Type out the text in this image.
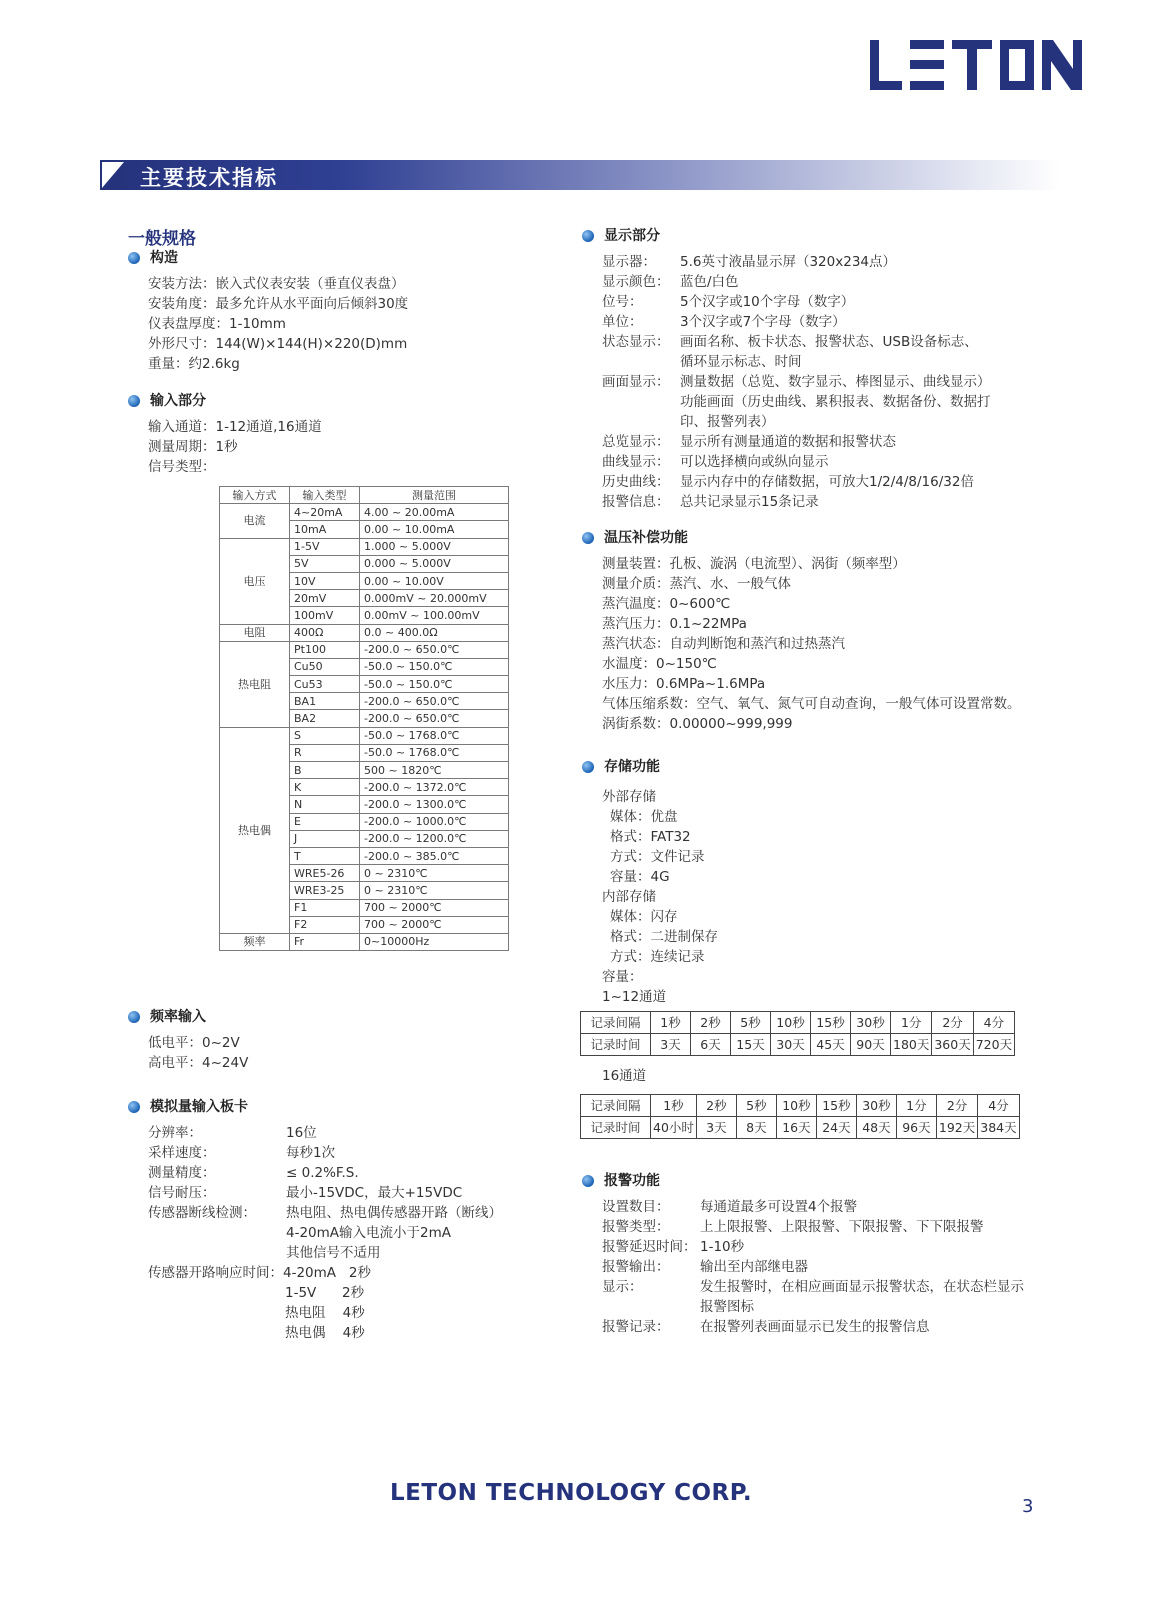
主要技术指标
一般规格
构造
安装方法：嵌入式仪表安装（垂直仪表盘）
安装角度：最多允许从水平面向后倾斜30度
仪表盘厚度：1-10mm
外形尺寸：144(W)×144(H)×220(D)mm
重量：约2.6kg
输入部分
输入通道：1-12通道,16通道
测量周期：1秒
信号类型：
输入方式	输入类型	测量范围
电流	4~20mA	4.00 ~ 20.00mA
	10mA	0.00 ~ 10.00mA
电压	1-5V	1.000 ~ 5.000V
	5V	0.000 ~ 5.000V
	10V	0.00 ~ 10.00V
	20mV	0.000mV ~ 20.000mV
	100mV	0.00mV ~ 100.00mV
电阻	400Ω	0.0 ~ 400.0Ω
热电阻	Pt100	-200.0 ~ 650.0℃
	Cu50	-50.0 ~ 150.0℃
	Cu53	-50.0 ~ 150.0℃
	BA1	-200.0 ~ 650.0℃
	BA2	-200.0 ~ 650.0℃
热电偶	S	-50.0 ~ 1768.0℃
	R	-50.0 ~ 1768.0℃
	B	500 ~ 1820℃
	K	-200.0 ~ 1372.0℃
	N	-200.0 ~ 1300.0℃
	E	-200.0 ~ 1000.0℃
	J	-200.0 ~ 1200.0℃
	T	-200.0 ~ 385.0℃
	WRE5-26	0 ~ 2310℃
	WRE3-25	0 ~ 2310℃
	F1	700 ~ 2000℃
	F2	700 ~ 2000℃
频率	Fr	0~10000Hz
频率输入
低电平：0~2V
高电平：4~24V
模拟量输入板卡
分辨率：	16位
采样速度：	每秒1次
测量精度：	≤ 0.2%F.S.
信号耐压：	最小-15VDC，最大+15VDC
传感器断线检测：	热电阻、热电偶传感器开路（断线）
4-20mA输入电流小于2mA
其他信号不适用
传感器开路响应时间： 4-20mA   2秒
1-5V      2秒
热电阻    4秒
热电偶    4秒
显示部分
显示器：	5.6英寸液晶显示屏（320x234点）
显示颜色： 蓝色/白色
位号：	5个汉字或10个字母（数字）
单位：	3个汉字或7个字母（数字）
状态显示： 画面名称、板卡状态、报警状态、USB设备标志、
循环显示标志、时间
画面显示： 测量数据（总览、数字显示、棒图显示、曲线显示）
功能画面（历史曲线、累积报表、数据备份、数据打
印、报警列表）
总览显示： 显示所有测量通道的数据和报警状态
曲线显示： 可以选择横向或纵向显示
历史曲线： 显示内存中的存储数据，可放大1/2/4/8/16/32倍
报警信息： 总共记录显示15条记录
温压补偿功能
测量装置：孔板、漩涡（电流型）、涡街（频率型）
测量介质：蒸汽、水、一般气体
蒸汽温度：0~600℃
蒸汽压力：0.1~22MPa
蒸汽状态：自动判断饱和蒸汽和过热蒸汽
水温度：0~150℃
水压力：0.6MPa~1.6MPa
气体压缩系数：空气、氧气、氮气可自动查询，一般气体可设置常数。
涡街系数：0.00000~999,999
存储功能
外部存储
媒体：优盘
格式：FAT32
方式：文件记录
容量：4G
内部存储
媒体：闪存
格式：二进制保存
方式：连续记录
容量：
1~12通道
记录间隔	1秒	2秒	5秒	10秒	15秒	30秒	1分	2分	4分
记录时间	3天	6天	15天	30天	45天	90天	180天	360天	720天
16通道
记录间隔	1秒	2秒	5秒	10秒	15秒	30秒	1分	2分	4分
记录时间	40小时	3天	8天	16天	24天	48天	96天	192天	384天
报警功能
设置数目：	每通道最多可设置4个报警
报警类型：	上上限报警、上限报警、下限报警、下下限报警
报警延迟时间： 1-10秒
报警输出：	输出至内部继电器
显示：	发生报警时，在相应画面显示报警状态，在状态栏显示
报警图标
报警记录：	在报警列表画面显示已发生的报警信息
LETON TECHNOLOGY CORP.
3
